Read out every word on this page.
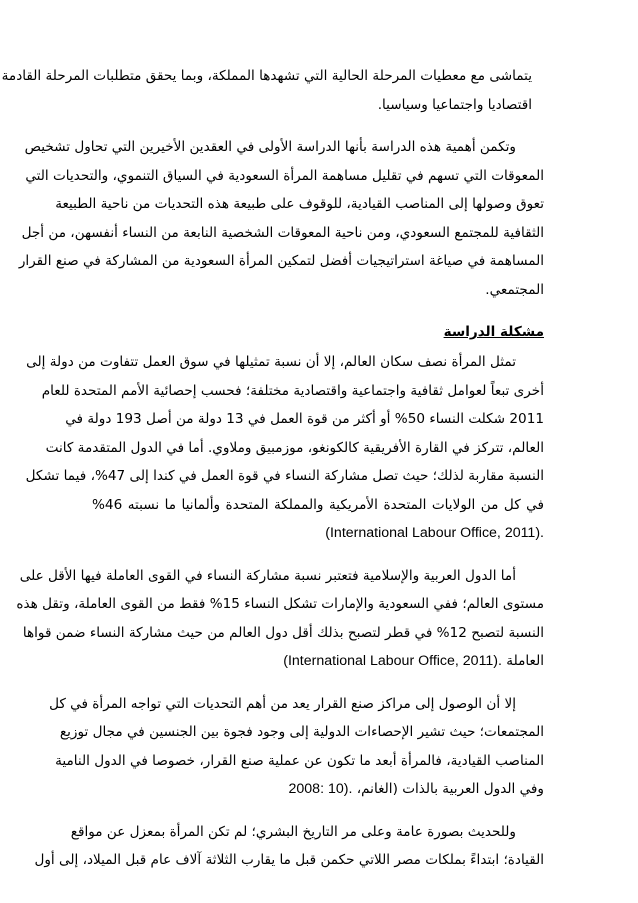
يتماشى مع معطيات المرحلة الحالية التي تشهدها المملكة، وبما يحقق متطلبات المرحلة القادمة
اقتصاديا واجتماعيا وسياسيا.

وتكمن أهمية هذه الدراسة بأنها الدراسة الأولى في العقدين الأخيرين التي تحاول تشخيص
المعوقات التي تسهم في تقليل مساهمة المرأة السعودية في السياق التنموي، والتحديات التي
تعوق وصولها إلى المناصب القيادية، للوقوف على طبيعة هذه التحديات من ناحية الطبيعة
الثقافية للمجتمع السعودي، ومن ناحية المعوقات الشخصية النابعة من النساء أنفسهن، من أجل
المساهمة في صياغة استراتيجيات أفضل لتمكين المرأة السعودية من المشاركة في صنع القرار
المجتمعي.

مشكلة الدراسة

تمثل المرأة نصف سكان العالم، إلا أن نسبة تمثيلها في سوق العمل تتفاوت من دولة إلى
أخرى تبعاً لعوامل ثقافية واجتماعية واقتصادية مختلفة؛ فحسب إحصائية الأمم المتحدة للعام
2011 شكلت النساء 50% أو أكثر من قوة العمل في 13 دولة من أصل 193 دولة في
العالم، تتركز في القارة الأفريقية كالكونغو، موزمبيق وملاوي. أما في الدول المتقدمة كانت
النسبة مقاربة لذلك؛ حيث تصل مشاركة النساء في قوة العمل في كندا إلى 47%، فيما تشكل
في كل من الولايات المتحدة الأمريكية والمملكة المتحدة وألمانيا ما نسبته 46%
(International Labour Office, 2011).

أما الدول العربية والإسلامية فتعتبر نسبة مشاركة النساء في القوى العاملة فيها الأقل على
مستوى العالم؛ ففي السعودية والإمارات تشكل النساء 15% فقط من القوى العاملة، وتقل هذه
النسبة لتصبح 12% في قطر لتصبح بذلك أقل دول العالم من حيث مشاركة النساء ضمن قواها
العاملة (International Labour Office, 2011).

إلا أن الوصول إلى مراكز صنع القرار يعد من أهم التحديات التي تواجه المرأة في كل
المجتمعات؛ حيث تشير الإحصاءات الدولية إلى وجود فجوة بين الجنسين في مجال توزيع
المناصب القيادية، فالمرأة أبعد ما تكون عن عملية صنع القرار، خصوصا في الدول النامية
وفي الدول العربية بالذات (الغانم، 2008: 10).

وللحديث بصورة عامة وعلى مر التاريخ البشري؛ لم تكن المرأة بمعزل عن مواقع
القيادة؛ ابتداءً بملكات مصر اللاتي حكمن قبل ما يقارب الثلاثة آلاف عام قبل الميلاد، إلى أول
